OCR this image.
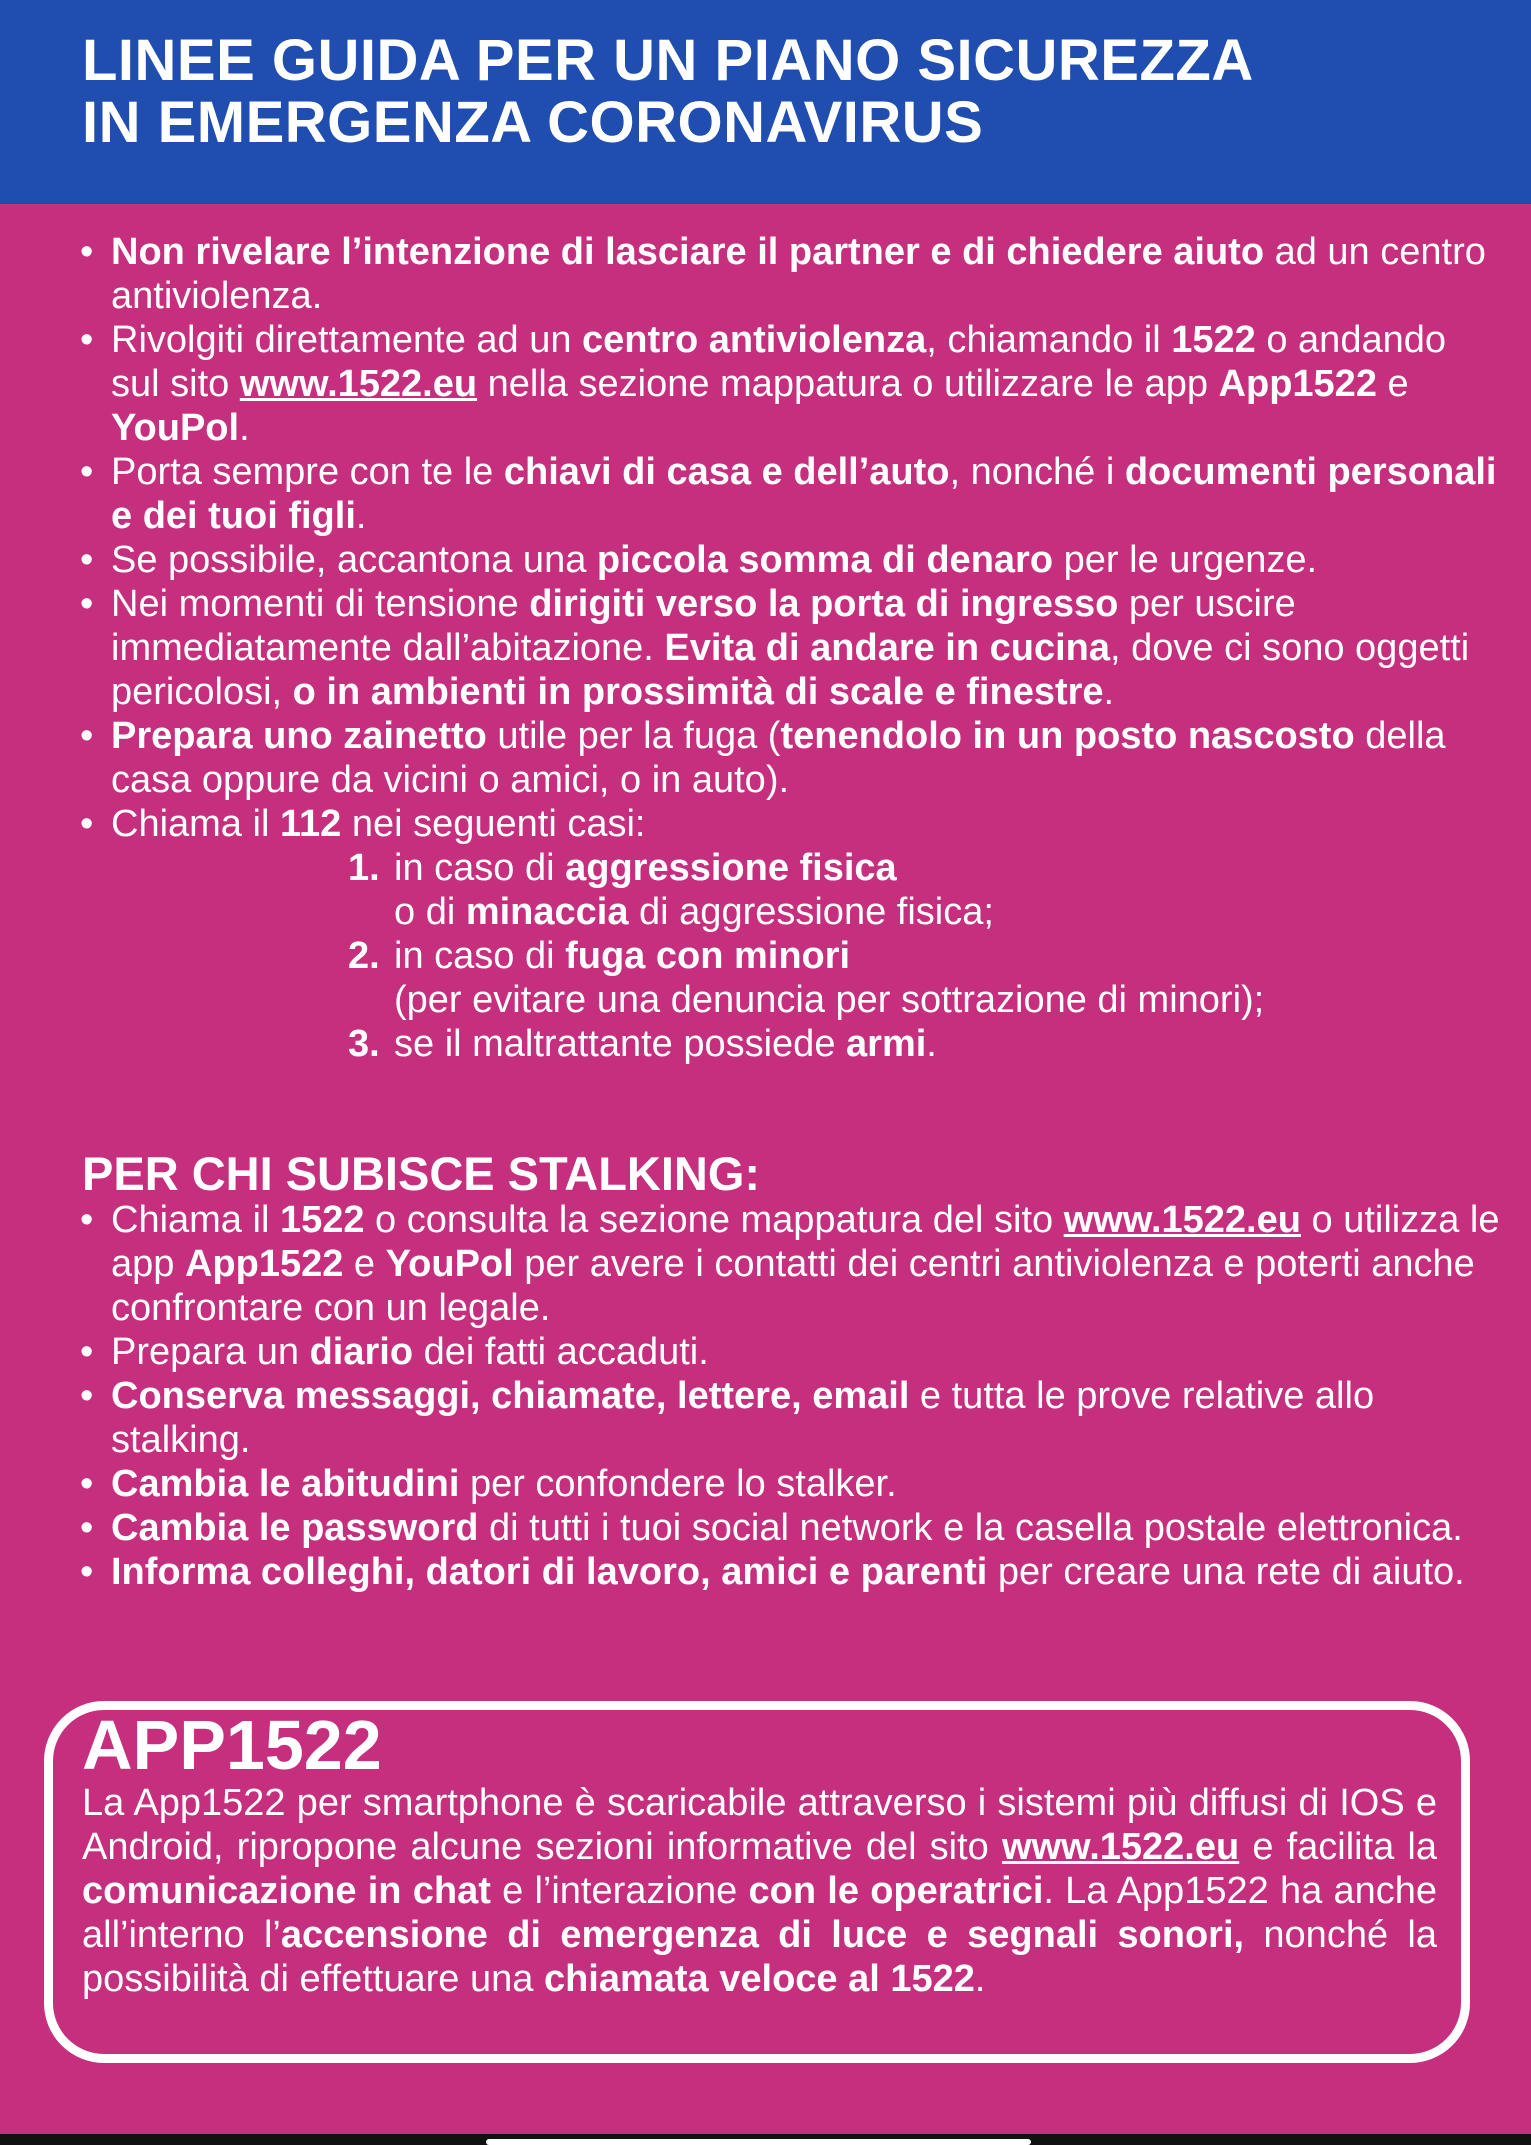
LINEE GUIDA PER UN PIANO SICUREZZA
IN EMERGENZA CORONAVIRUS
• Non rivelare l’intenzione di lasciare il partner e di chiedere aiuto ad un centro antiviolenza.
• Rivolgiti direttamente ad un centro antiviolenza, chiamando il 1522 o andando sul sito www.1522.eu nella sezione mappatura o utilizzare le app App1522 e YouPol.
• Porta sempre con te le chiavi di casa e dell’auto, nonché i documenti personali e dei tuoi figli.
• Se possibile, accantona una piccola somma di denaro per le urgenze.
• Nei momenti di tensione dirigiti verso la porta di ingresso per uscire immediatamente dall’abitazione. Evita di andare in cucina, dove ci sono oggetti pericolosi, o in ambienti in prossimità di scale e finestre.
• Prepara uno zainetto utile per la fuga (tenendolo in un posto nascosto della casa oppure da vicini o amici, o in auto).
• Chiama il 112 nei seguenti casi:
1. in caso di aggressione fisica
o di minaccia di aggressione fisica;
2. in caso di fuga con minori
(per evitare una denuncia per sottrazione di minori);
3. se il maltrattante possiede armi.
PER CHI SUBISCE STALKING:
• Chiama il 1522 o consulta la sezione mappatura del sito www.1522.eu o utilizza le app App1522 e YouPol per avere i contatti dei centri antiviolenza e poterti anche confrontare con un legale.
• Prepara un diario dei fatti accaduti.
• Conserva messaggi, chiamate, lettere, email e tutta le prove relative allo stalking.
• Cambia le abitudini per confondere lo stalker.
• Cambia le password di tutti i tuoi social network e la casella postale elettronica.
• Informa colleghi, datori di lavoro, amici e parenti per creare una rete di aiuto.
APP1522

La App1522 per smartphone è scaricabile attraverso i sistemi più diffusi di IOS e Android, ripropone alcune sezioni informative del sito www.1522.eu e facilita la comunicazione in chat e l’interazione con le operatrici. La App1522 ha anche all’interno l’accensione di emergenza di luce e segnali sonori, nonché la possibilità di effettuare una chiamata veloce al 1522.
